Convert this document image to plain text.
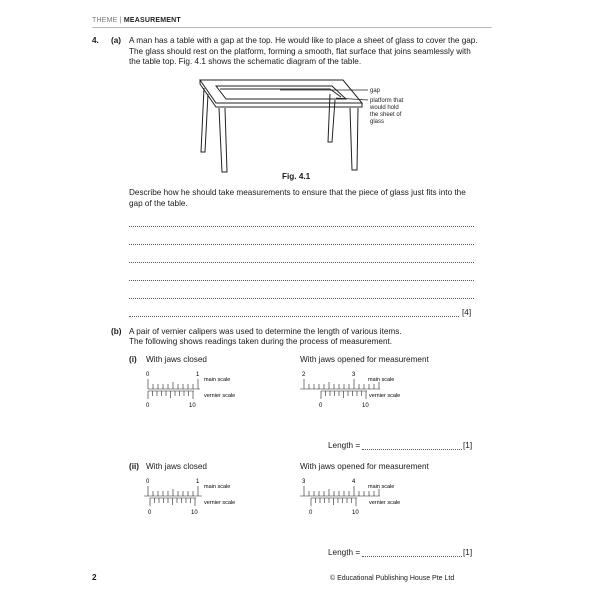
THEME | MEASUREMENT
4. (a) A man has a table with a gap at the top. He would like to place a sheet of glass to cover the gap. The glass should rest on the platform, forming a smooth, flat surface that joins seamlessly with the table top. Fig. 4.1 shows the schematic diagram of the table.
gap
platform that
would hold
the sheet of
glass
Fig. 4.1
Describe how he should take measurements to ensure that the piece of glass just fits into the gap of the table.
[4]
(b) A pair of vernier calipers was used to determine the length of various items.
The following shows readings taken during the process of measurement.
(i) With jaws closed	With jaws opened for measurement
0	1
0	10
main scale
vernier scale
2	3
0	10
main scale
vernier scale
Length =	[1]
(ii) With jaws closed	With jaws opened for measurement
0	1
0	10
main scale
vernier scale
3	4
0	10
main scale
vernier scale
Length =	[1]
2	© Educational Publishing House Pte Ltd
